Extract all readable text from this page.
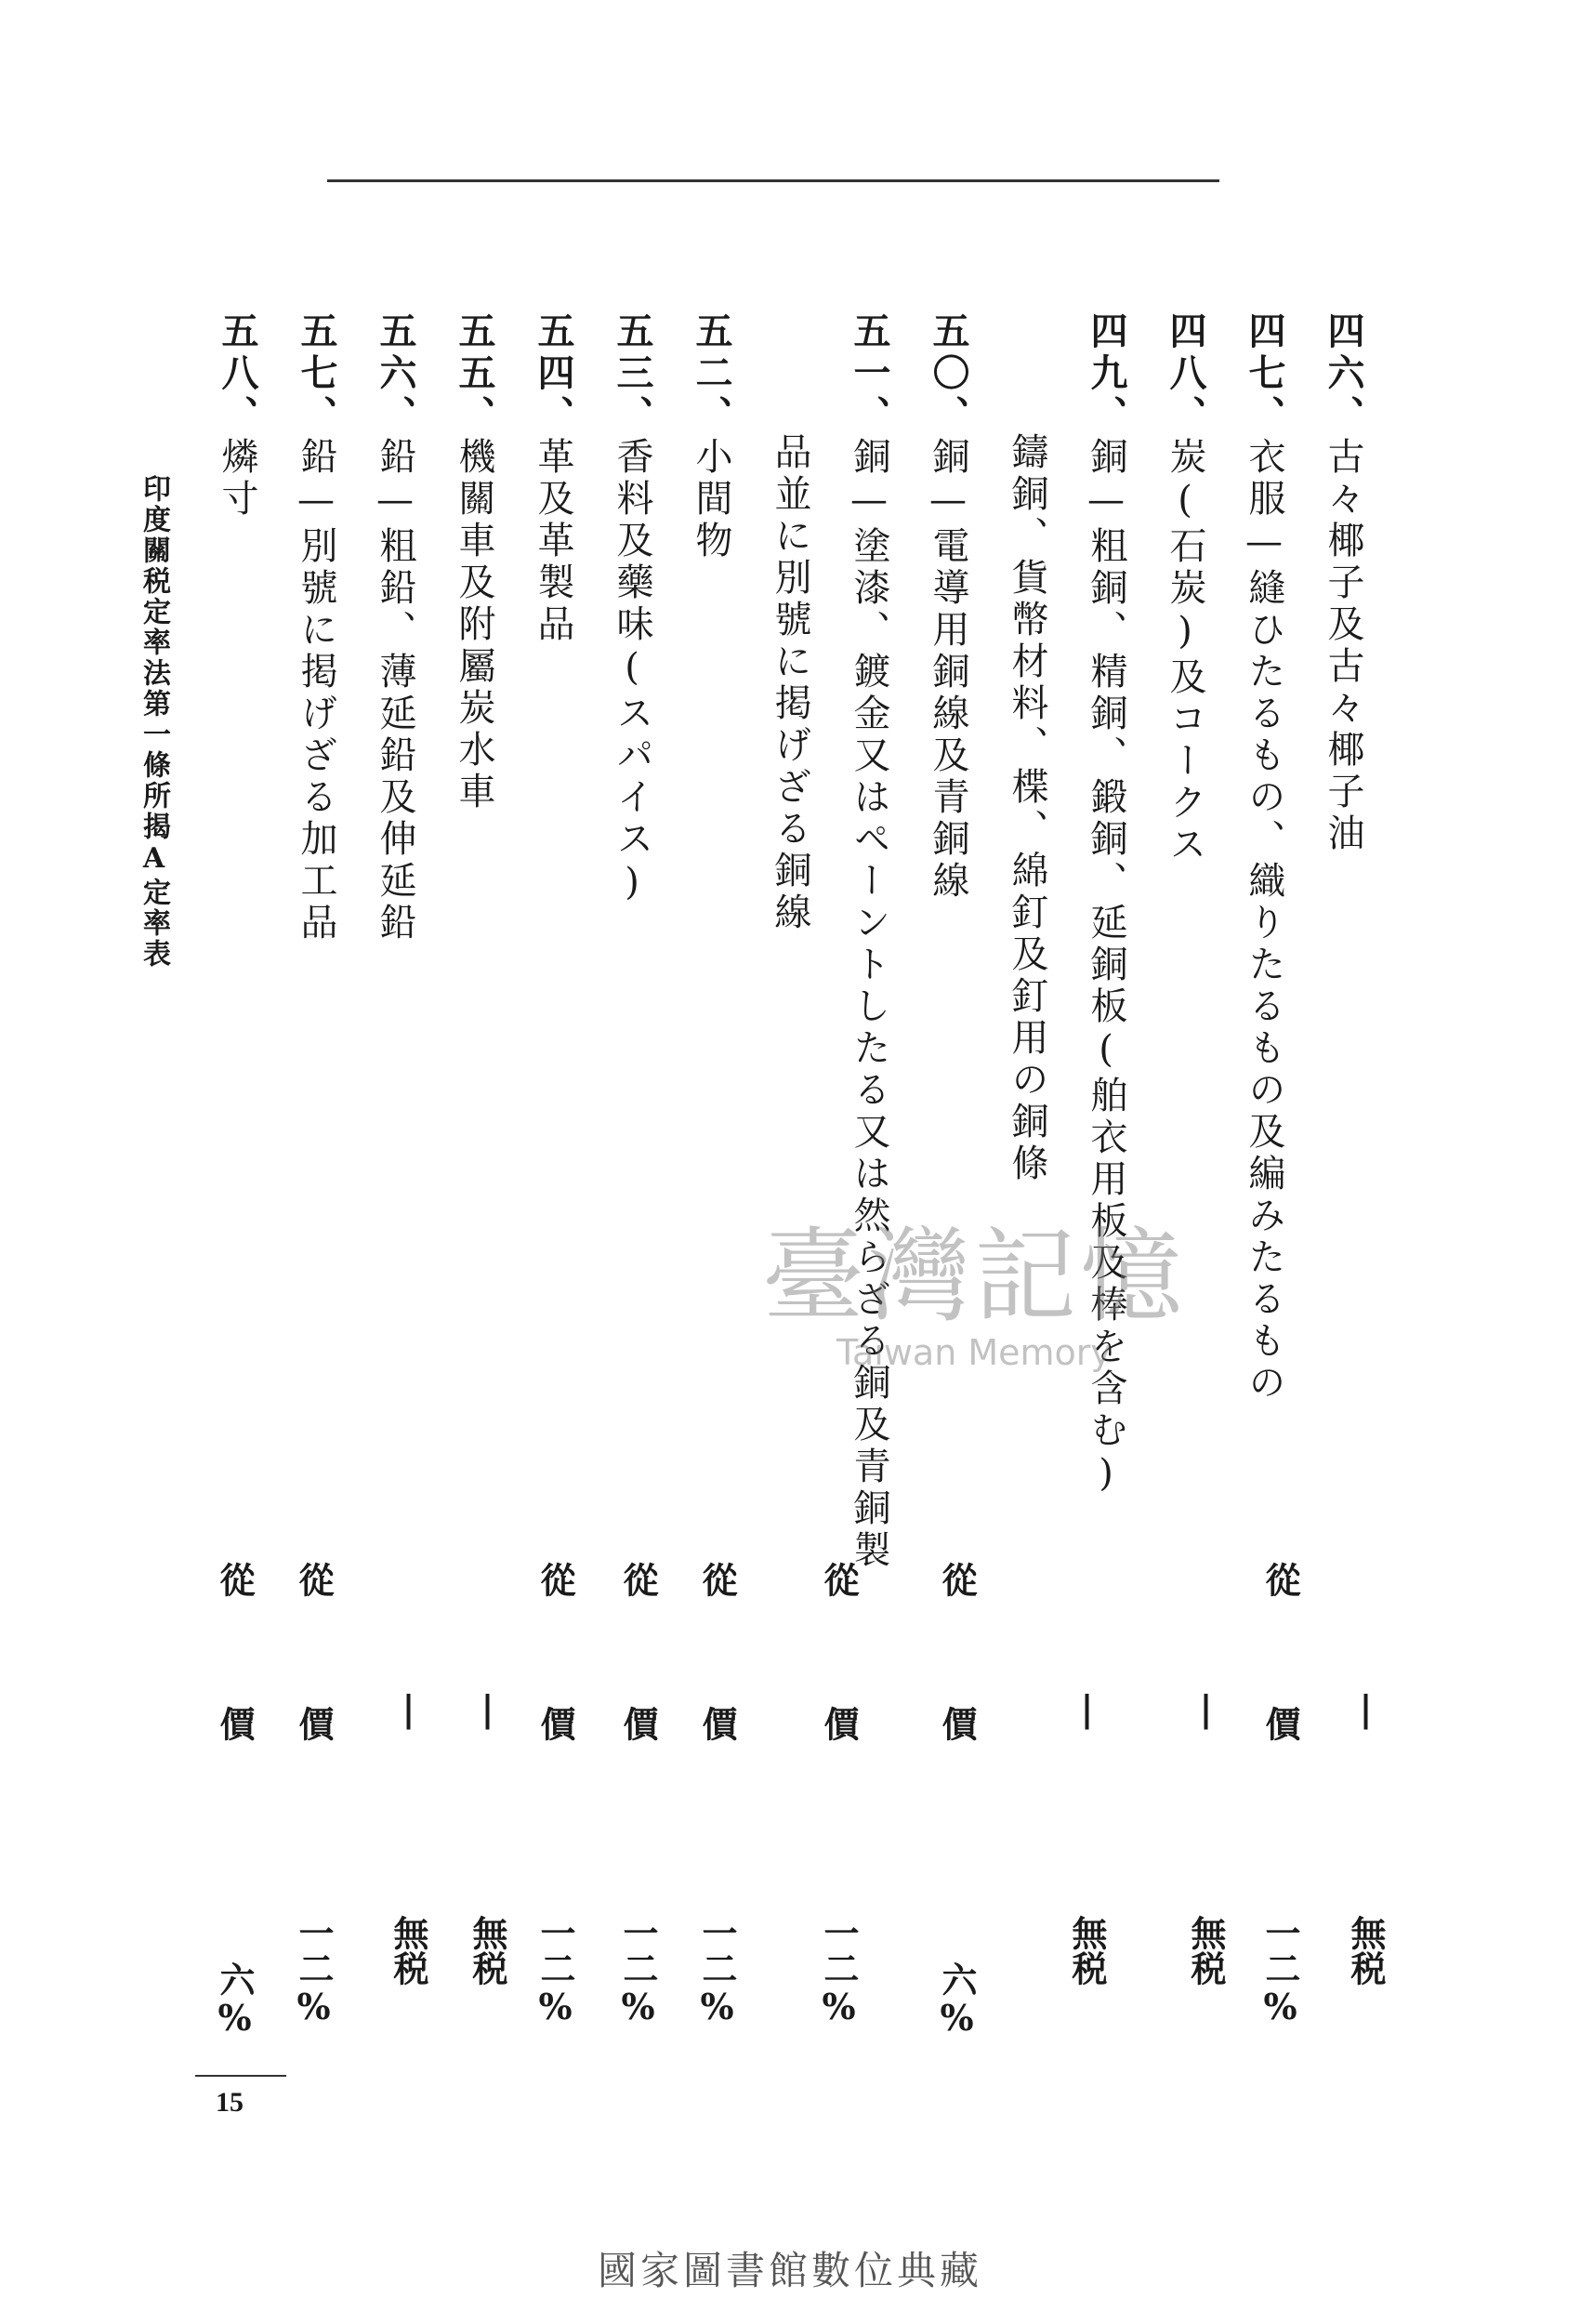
四六、古々椰子及古々椰子油
四七、衣服—縫ひたるもの、織りたるもの及編みたるもの
四八、炭(石炭)及コークス
四九、銅—粗銅、精銅、鍛銅、延銅板(舶衣用板及棒を含む)
鑄銅、貨幣材料、楪、綿釘及釘用の銅條
五〇、銅—電導用銅線及青銅線
五一、銅—塗漆、鍍金又はペーントしたる又は然らざる銅及青銅製
品並に別號に掲げざる銅線
五二、小間物
五三、香料及藥味(スパイス)
五四、革及革製品
五五、機關車及附屬炭水車
五六、鉛—粗鉛、薄延鉛及伸延鉛
五七、鉛—別號に掲げざる加工品
五八、燐寸
從
從
從
從
從
從
從
從
|
價
|
|
價
價
價
價
價
|
|
價
價
無税
一二%
無税
無税
六%
一二%
一二%
一二%
一二%
無税
無税
一二%
六%
印度關税定率法第一條所揭A定率表
15
臺灣記憶
Taiwan Memory
國家圖書館數位典藏
